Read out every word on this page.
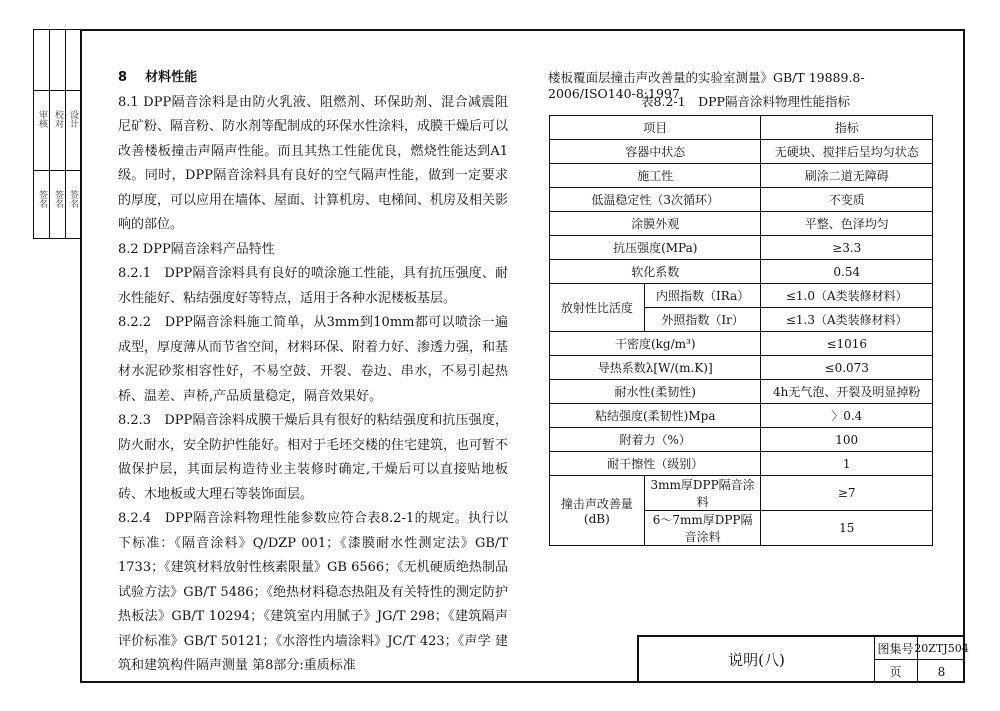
审核 校对 设计
签名 签名 签名

8 材料性能

8.1 DPP隔音涂料是由防火乳液、阻燃剂、环保助剂、混合减震阻尼矿粉、隔音粉、防水剂等配制成的环保水性涂料，成膜干燥后可以改善楼板撞击声隔声性能。而且其热工性能优良，燃烧性能达到A1级。同时，DPP隔音涂料具有良好的空气隔声性能，做到一定要求的厚度，可以应用在墙体、屋面、计算机房、电梯间、机房及相关影响的部位。

8.2 DPP隔音涂料产品特性

8.2.1　DPP隔音涂料具有良好的喷涂施工性能，具有抗压强度、耐水性能好、粘结强度好等特点，适用于各种水泥楼板基层。

8.2.2　DPP隔音涂料施工简单，从3mm到10mm都可以喷涂一遍成型，厚度薄从而节省空间，材料环保、附着力好、渗透力强，和基材水泥砂浆相容性好，不易空鼓、开裂、卷边、串水，不易引起热桥、温差、声桥,产品质量稳定，隔音效果好。

8.2.3　DPP隔音涂料成膜干燥后具有很好的粘结强度和抗压强度，防火耐水，安全防护性能好。相对于毛坯交楼的住宅建筑，也可暂不做保护层，其面层构造待业主装修时确定,干燥后可以直接贴地板砖、木地板或大理石等装饰面层。

8.2.4　DPP隔音涂料物理性能参数应符合表8.2-1的规定。执行以下标准：《隔音涂料》Q/DZP 001；《漆膜耐水性测定法》GB/T 1733；《建筑材料放射性核素限量》GB 6566；《无机硬质绝热制品试验方法》GB/T 5486；《绝热材料稳态热阻及有关特性的测定防护热板法》GB/T 10294；《建筑室内用腻子》JG/T 298；《建筑隔声评价标准》GB/T 50121；《水溶性内墙涂料》JC/T 423；《声学 建筑和建筑构件隔声测量 第8部分:重质标准

楼板覆面层撞击声改善量的实验室测量》GB/T 19889.8-2006/ISO140-8:1997
表8.2-1　DPP隔音涂料物理性能指标
项目		指标
容器中状态		无硬块、搅拌后呈均匀状态
施工性		刷涂二道无障碍
低温稳定性（3次循环）		不变质
涂膜外观		平整、色泽均匀
抗压强度(MPa)		≥3.3
软化系数		0.54
放射性比活度	内照指数（IRa）	≤1.0（A类装修材料）
	外照指数（Ir）	≤1.3（A类装修材料）
干密度(kg/m³)		≤1016
导热系数λ[W/(m.K)]		≤0.073
耐水性(柔韧性)		4h无气泡、开裂及明显掉粉
粘结强度(柔韧性)Mpa		〉0.4
附着力（%）		100
耐干擦性（级别）		1

撞击声改善量
(dB)	3mm厚DPP隔音涂料	≥7
	6～7mm厚DPP隔音涂料	15
说明(八)
图集号 20ZTJ504
页	8
